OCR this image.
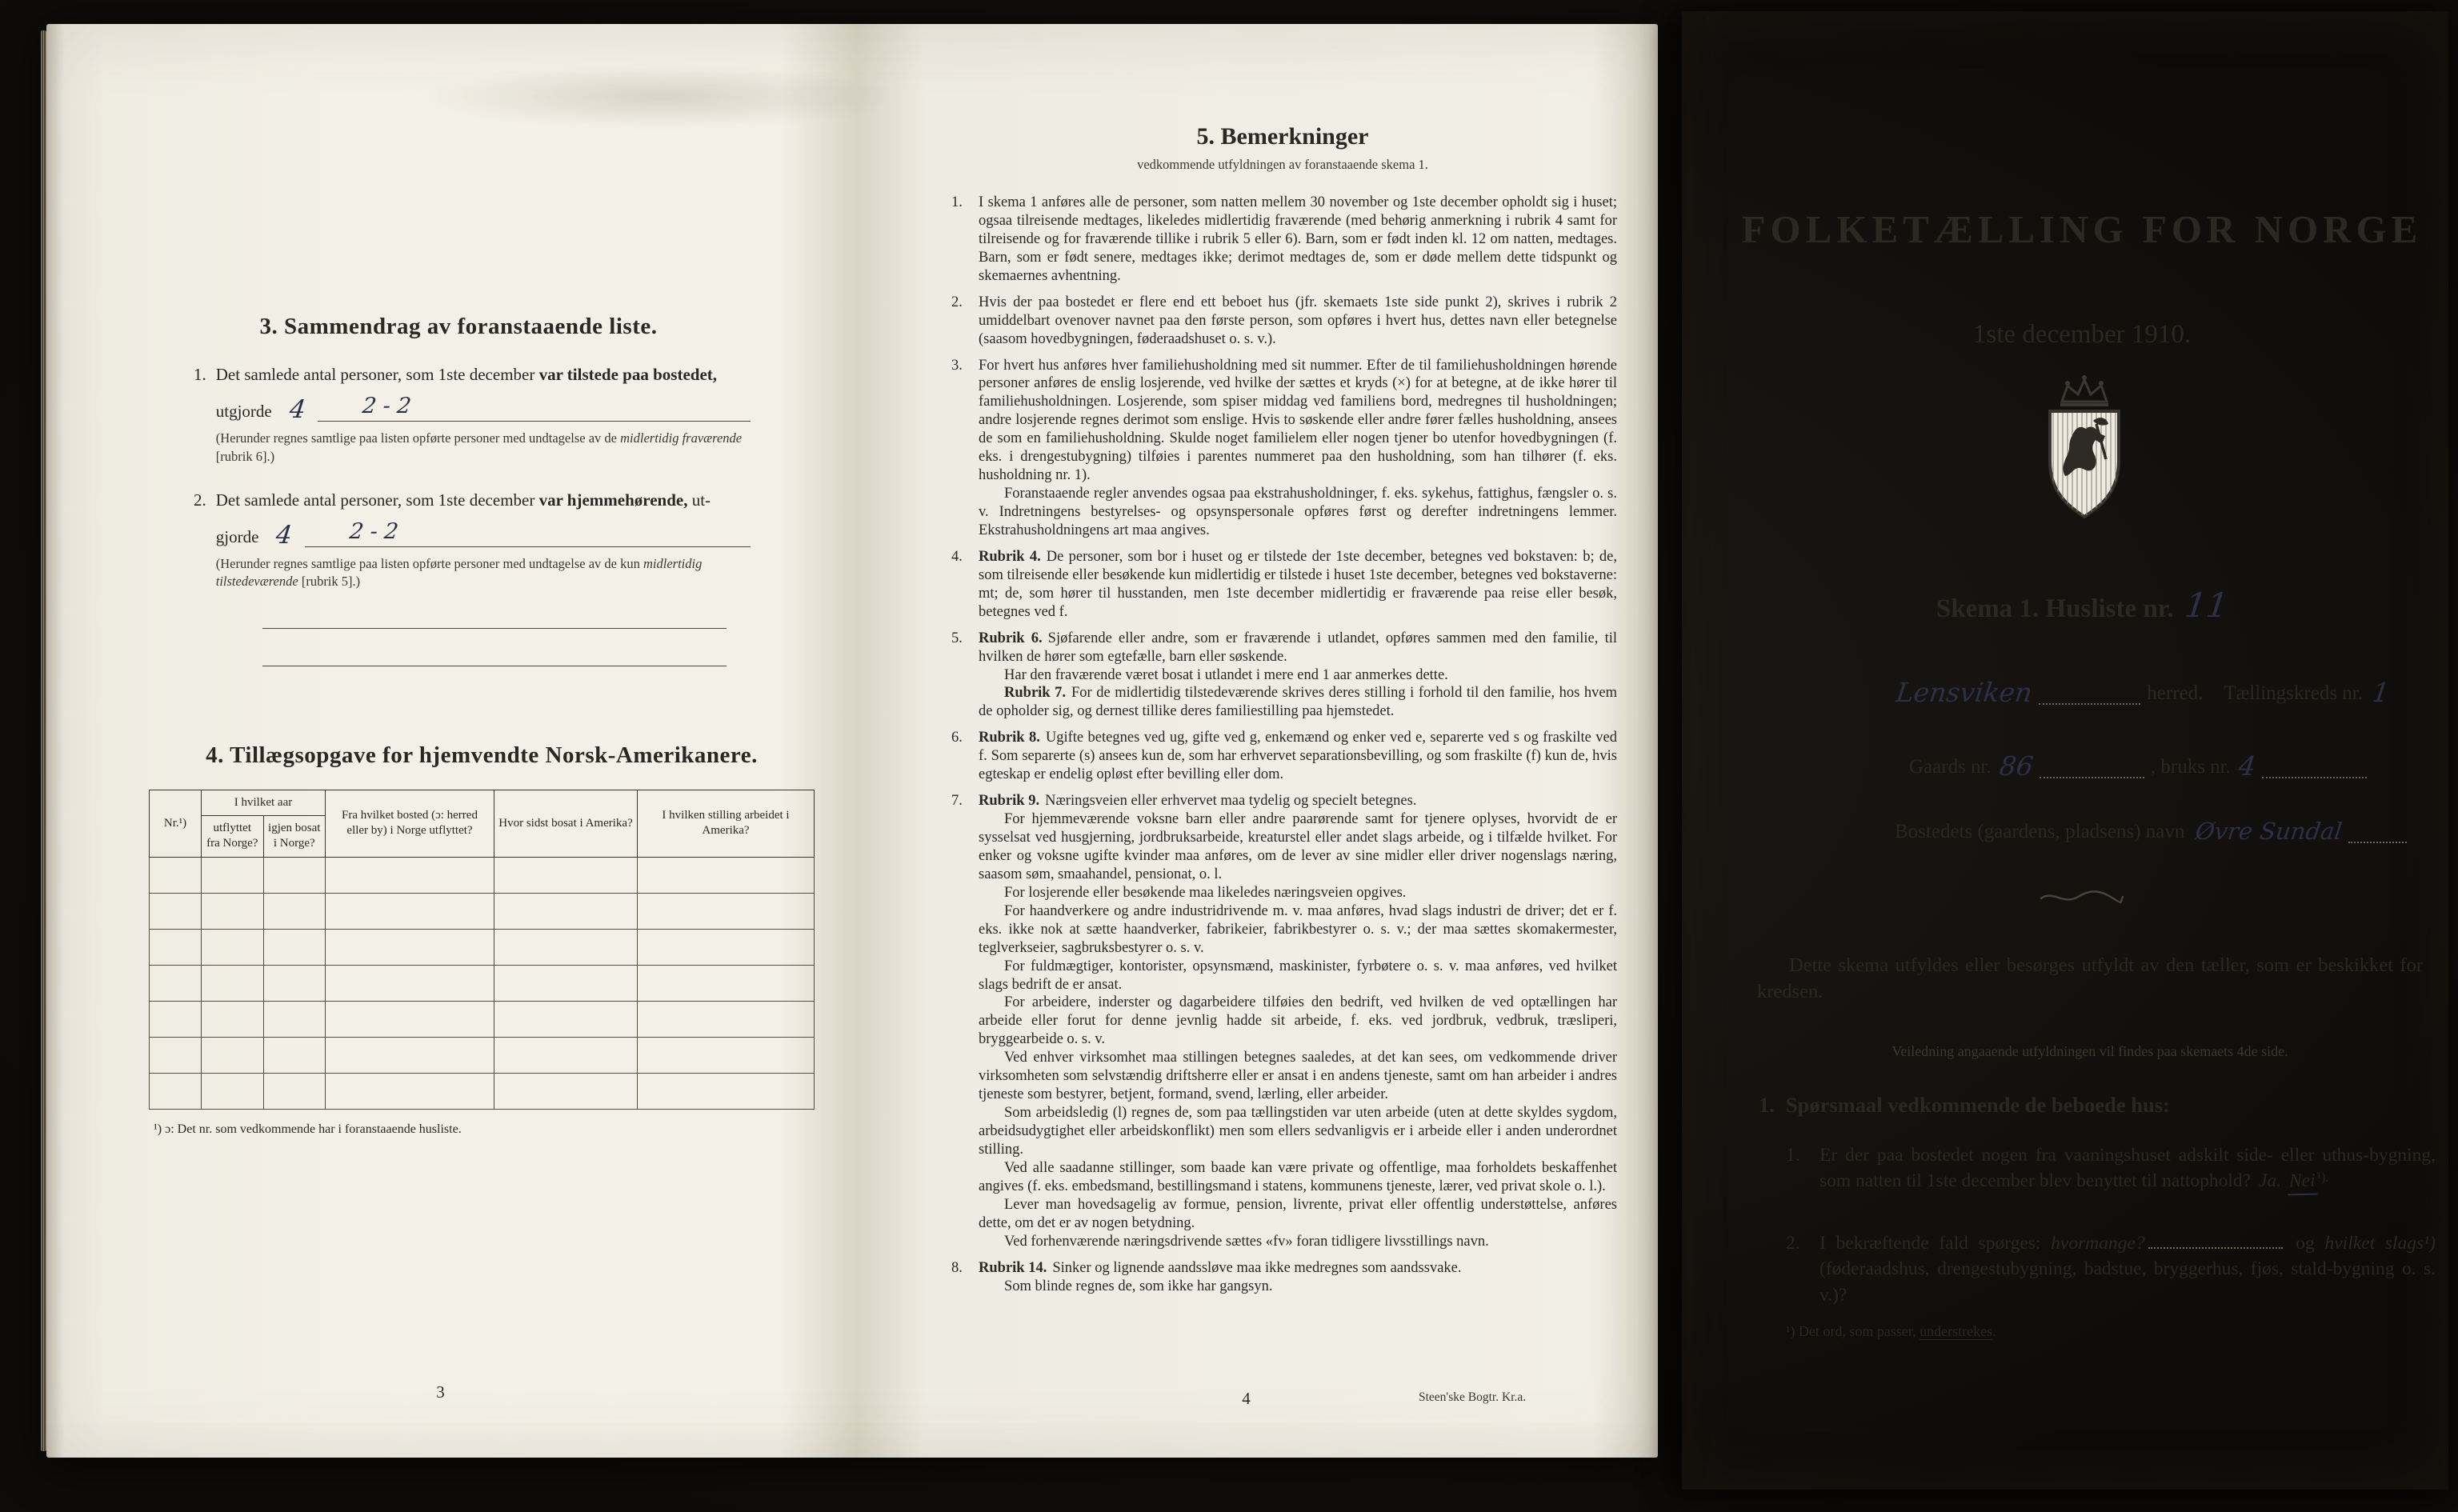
3. Sammendrag av foranstaaende liste.
1. Det samlede antal personer, som 1ste december var tilstede paa bostedet,

utgjorde 4	2 - 2

(Herunder regnes samtlige paa listen opførte personer med undtagelse av de midlertidig fraværende [rubrik 6].)

2. Det samlede antal personer, som 1ste december var hjemmehørende, ut-

gjorde 4	2 - 2

(Herunder regnes samtlige paa listen opførte personer med undtagelse av de kun midlertidig tilstedeværende [rubrik 5].)

4. Tillægsopgave for hjemvendte Norsk-Amerikanere.
Nr.¹)	I hvilket aar		Fra hvilket bosted (ɔ: herred eller by) i Norge utflyttet?	Hvor sidst bosat i Amerika?	I hvilken stilling arbeidet i Amerika?
	utflyttet fra Norge?	igjen bosat i Norge?			

¹) ɔ: Det nr. som vedkommende har i foranstaaende husliste.

3
5. Bemerkninger
vedkommende utfyldningen av foranstaaende skema 1.
1. I skema 1 anføres alle de personer, som natten mellem 30 november og 1ste december opholdt sig i huset; ogsaa tilreisende medtages, likeledes midlertidig fraværende (med behørig anmerkning i rubrik 4 samt for tilreisende og for fraværende tillike i rubrik 5 eller 6). Barn, som er født inden kl. 12 om natten, medtages. Barn, som er født senere, medtages ikke; derimot medtages de, som er døde mellem dette tidspunkt og skemaernes avhentning.

2. Hvis der paa bostedet er flere end ett beboet hus (jfr. skemaets 1ste side punkt 2), skrives i rubrik 2 umiddelbart ovenover navnet paa den første person, som opføres i hvert hus, dettes navn eller betegnelse (saasom hovedbygningen, føderaadshuset o. s. v.).

3. For hvert hus anføres hver familiehusholdning med sit nummer. Efter de til familiehusholdningen hørende personer anføres de enslig losjerende, ved hvilke der sættes et kryds (×) for at betegne, at de ikke hører til familiehusholdningen. Losjerende, som spiser middag ved familiens bord, medregnes til husholdningen; andre losjerende regnes derimot som enslige. Hvis to søskende eller andre fører fælles husholdning, ansees de som en familiehusholdning. Skulde noget familielem eller nogen tjener bo utenfor hovedbygningen (f. eks. i drengestubygning) tilføies i parentes nummeret paa den husholdning, som han tilhører (f. eks. husholdning nr. 1).

Foranstaaende regler anvendes ogsaa paa ekstrahusholdninger, f. eks. sykehus, fattighus, fængsler o. s. v. Indretningens bestyrelses- og opsynspersonale opføres først og derefter indretningens lemmer. Ekstrahusholdningens art maa angives.

4. Rubrik 4. De personer, som bor i huset og er tilstede der 1ste december, betegnes ved bokstaven: b; de, som tilreisende eller besøkende kun midlertidig er tilstede i huset 1ste december, betegnes ved bokstaverne: mt; de, som hører til husstanden, men 1ste december midlertidig er fraværende paa reise eller besøk, betegnes ved f.

5. Rubrik 6. Sjøfarende eller andre, som er fraværende i utlandet, opføres sammen med den familie, til hvilken de hører som egtefælle, barn eller søskende.

Har den fraværende været bosat i utlandet i mere end 1 aar anmerkes dette.

Rubrik 7. For de midlertidig tilstedeværende skrives deres stilling i forhold til den familie, hos hvem de opholder sig, og dernest tillike deres familiestilling paa hjemstedet.

6. Rubrik 8. Ugifte betegnes ved ug, gifte ved g, enkemænd og enker ved e, separerte ved s og fraskilte ved f. Som separerte (s) ansees kun de, som har erhvervet separationsbevilling, og som fraskilte (f) kun de, hvis egteskap er endelig opløst efter bevilling eller dom.

7. Rubrik 9. Næringsveien eller erhvervet maa tydelig og specielt betegnes.

For hjemmeværende voksne barn eller andre paarørende samt for tjenere oplyses, hvorvidt de er sysselsat ved husgjerning, jordbruksarbeide, kreaturstel eller andet slags arbeide, og i tilfælde hvilket. For enker og voksne ugifte kvinder maa anføres, om de lever av sine midler eller driver nogenslags næring, saasom søm, smaahandel, pensionat, o. l.

For losjerende eller besøkende maa likeledes næringsveien opgives.

For haandverkere og andre industridrivende m. v. maa anføres, hvad slags industri de driver; det er f. eks. ikke nok at sætte haandverker, fabrikeier, fabrikbestyrer o. s. v.; der maa sættes skomakermester, teglverkseier, sagbruksbestyrer o. s. v.

For fuldmægtiger, kontorister, opsynsmænd, maskinister, fyrbøtere o. s. v. maa anføres, ved hvilket slags bedrift de er ansat.

For arbeidere, inderster og dagarbeidere tilføies den bedrift, ved hvilken de ved optællingen har arbeide eller forut for denne jevnlig hadde sit arbeide, f. eks. ved jordbruk, vedbruk, træsliperi, bryggearbeide o. s. v.

Ved enhver virksomhet maa stillingen betegnes saaledes, at det kan sees, om vedkommende driver virksomheten som selvstændig driftsherre eller er ansat i en andens tjeneste, samt om han arbeider i andres tjeneste som bestyrer, betjent, formand, svend, lærling, eller arbeider.

Som arbeidsledig (l) regnes de, som paa tællingstiden var uten arbeide (uten at dette skyldes sygdom, arbeidsudygtighet eller arbeidskonflikt) men som ellers sedvanligvis er i arbeide eller i anden underordnet stilling.

Ved alle saadanne stillinger, som baade kan være private og offentlige, maa forholdets beskaffenhet angives (f. eks. embedsmand, bestillingsmand i statens, kommunens tjeneste, lærer, ved privat skole o. l.).

Lever man hovedsagelig av formue, pension, livrente, privat eller offentlig understøttelse, anføres dette, om det er av nogen betydning.

Ved forhenværende næringsdrivende sættes «fv» foran tidligere livsstillings navn.

8. Rubrik 14. Sinker og lignende aandssløve maa ikke medregnes som aandssvake.

Som blinde regnes de, som ikke har gangsyn.

4	Steen'ske Bogtr. Kr.a.
FOLKETÆLLING FOR NORGE
1ste december 1910.
Skema 1. Husliste nr. 11
Lensviken	herred. Tællingskreds nr. 1
Gaards nr. 86	, bruks nr. 4
Bostedets (gaardens, pladsens) navn Øvre Sundal

Dette skema utfyldes eller besørges utfyldt av den tæller, som er beskikket for kredsen.

Veiledning angaaende utfyldningen vil findes paa skemaets 4de side.

1. Spørsmaal vedkommende de beboede hus:
1. Er der paa bostedet nogen fra vaaningshuset adskilt side- eller uthus-bygning, som natten til 1ste december blev benyttet til nattophold? Ja. Nei $^{^1).}$
2. I bekræftende fald spørges: hvormange?	og hvilket slags¹) (føderaadshus, drengestubygning, badstue, bryggerhus, fjøs, stald-bygning o. s. v.)?

¹) Det ord, som passer, understrekes.
